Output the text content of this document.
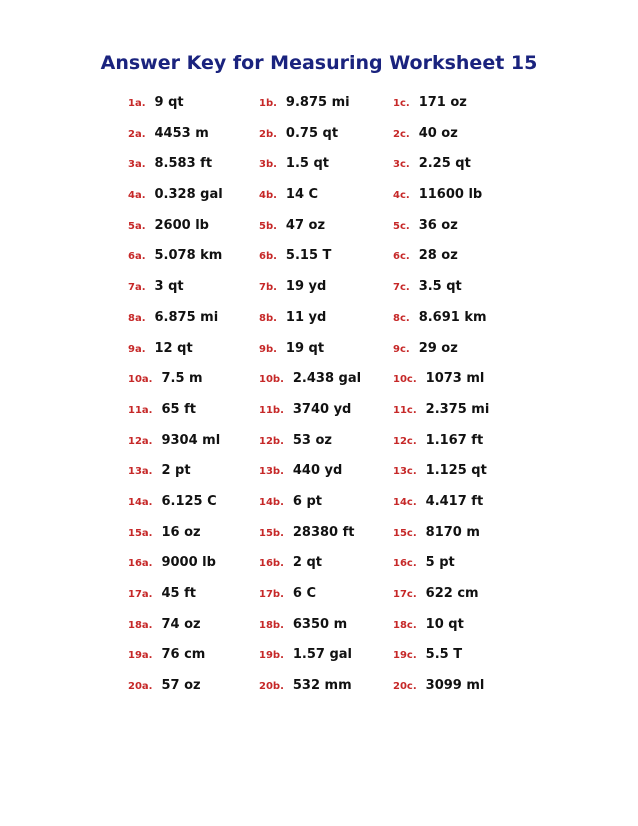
Answer Key for Measuring Worksheet 15
1a. 9 qt	1b. 9.875 mi	1c. 171 oz
2a. 4453 m	2b. 0.75 qt	2c. 40 oz
3a. 8.583 ft	3b. 1.5 qt	3c. 2.25 qt
4a. 0.328 gal	4b. 14 C	4c. 11600 lb
5a. 2600 lb	5b. 47 oz	5c. 36 oz
6a. 5.078 km	6b. 5.15 T	6c. 28 oz
7a. 3 qt	7b. 19 yd	7c. 3.5 qt
8a. 6.875 mi	8b. 11 yd	8c. 8.691 km
9a. 12 qt	9b. 19 qt	9c. 29 oz
10a. 7.5 m	10b. 2.438 gal	10c. 1073 ml
11a. 65 ft	11b. 3740 yd	11c. 2.375 mi
12a. 9304 ml	12b. 53 oz	12c. 1.167 ft
13a. 2 pt	13b. 440 yd	13c. 1.125 qt
14a. 6.125 C	14b. 6 pt	14c. 4.417 ft
15a. 16 oz	15b. 28380 ft	15c. 8170 m
16a. 9000 lb	16b. 2 qt	16c. 5 pt
17a. 45 ft	17b. 6 C	17c. 622 cm
18a. 74 oz	18b. 6350 m	18c. 10 qt
19a. 76 cm	19b. 1.57 gal	19c. 5.5 T
20a. 57 oz	20b. 532 mm	20c. 3099 ml
